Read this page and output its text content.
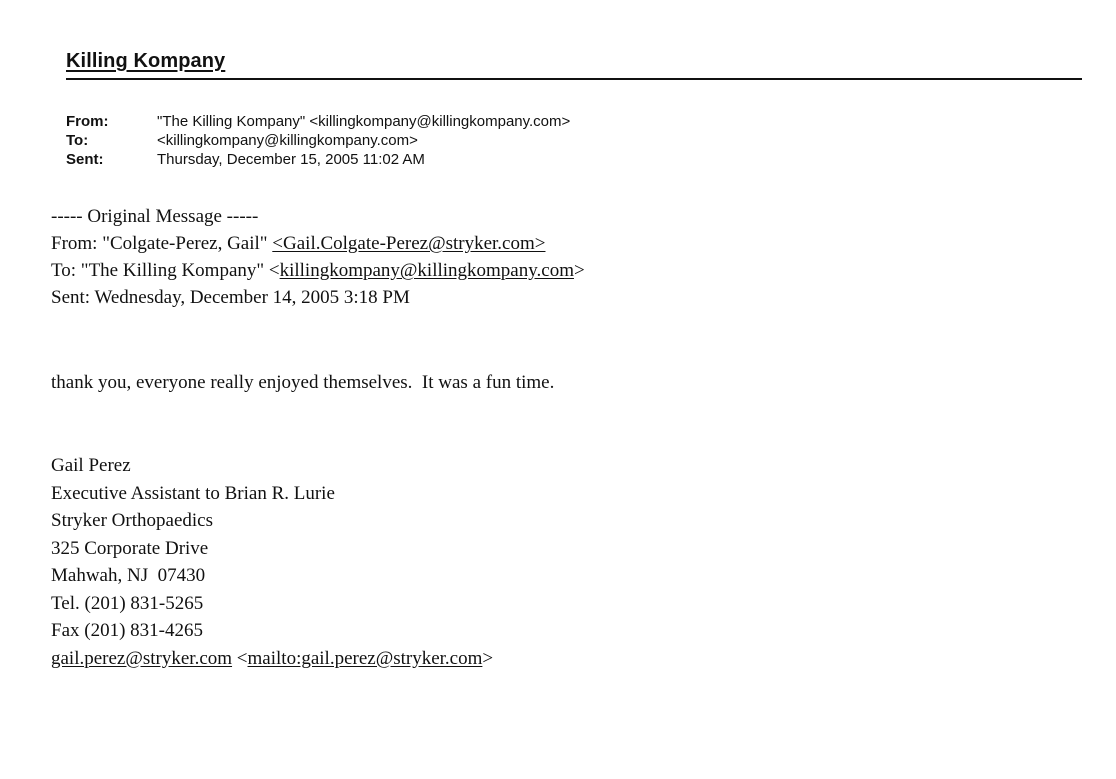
Killing Kompany
From:	"The Killing Kompany" <killingkompany@killingkompany.com>
To:	<killingkompany@killingkompany.com>
Sent:	Thursday, December 15, 2005 11:02 AM
----- Original Message -----
From: "Colgate-Perez, Gail" <Gail.Colgate-Perez@stryker.com>
To: "The Killing Kompany" <killingkompany@killingkompany.com>
Sent: Wednesday, December 14, 2005 3:18 PM
thank you, everyone really enjoyed themselves.  It was a fun time.
Gail Perez
Executive Assistant to Brian R. Lurie
Stryker Orthopaedics
325 Corporate Drive
Mahwah, NJ  07430
Tel. (201) 831-5265
Fax (201) 831-4265
gail.perez@stryker.com <mailto:gail.perez@stryker.com>
